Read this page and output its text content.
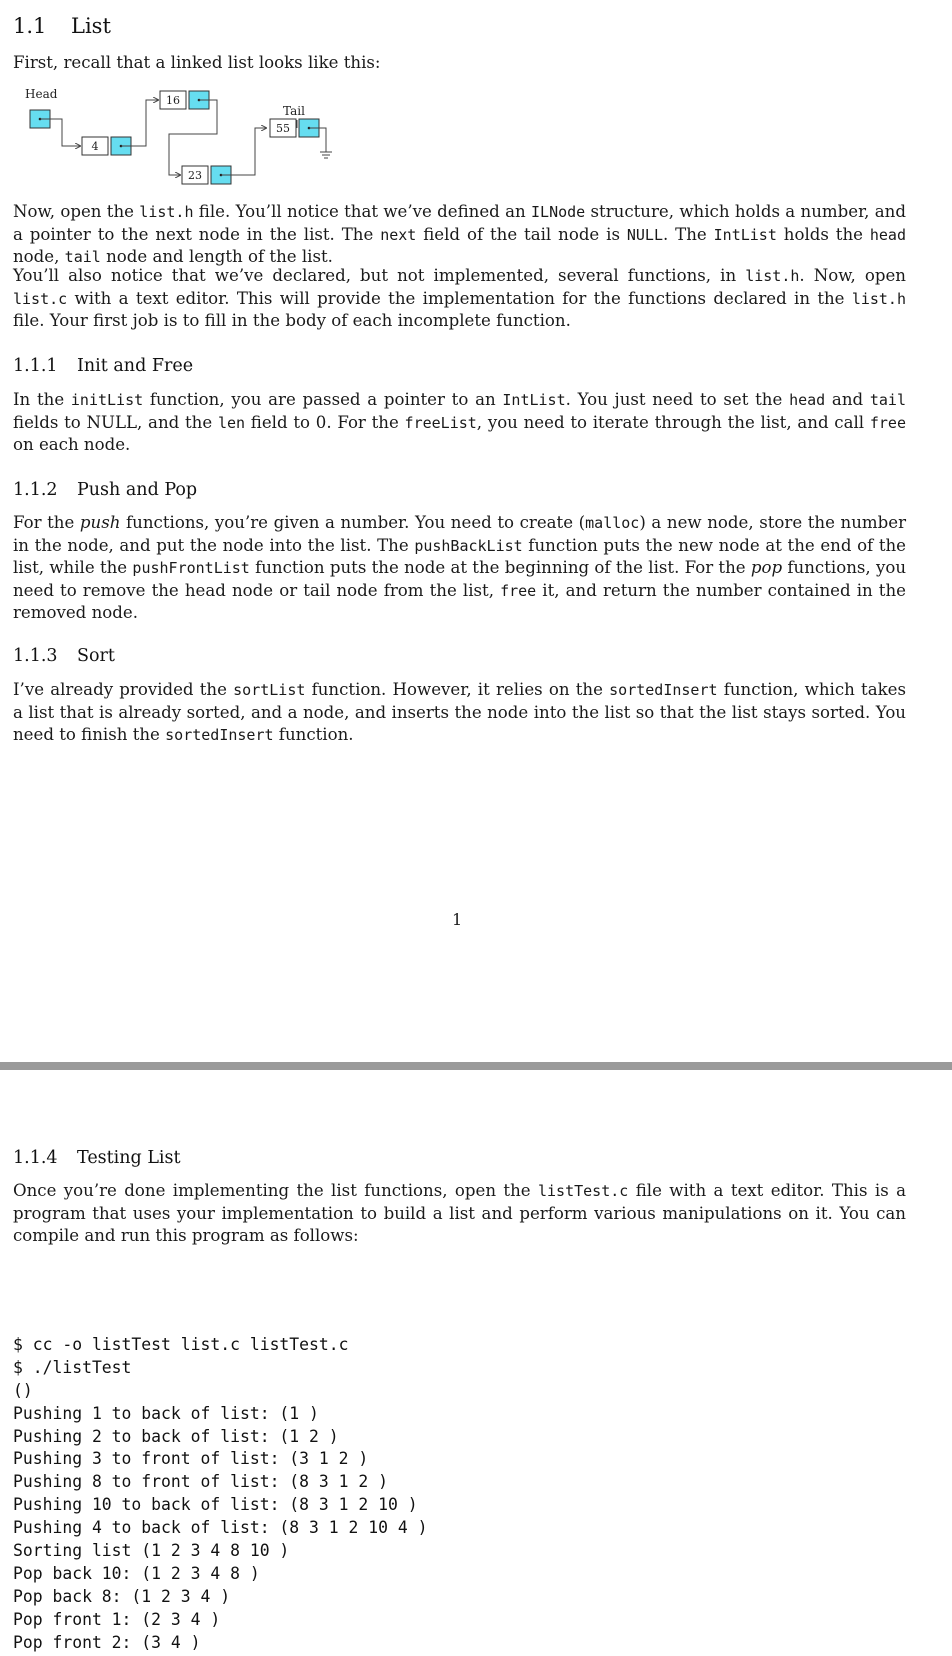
1.1 List

First, recall that a linked list looks like this:

Head
Tail
4
16
23
55

Now, open the list.h file. You’ll notice that we’ve defined an ILNode structure, which holds a number, and a pointer to the next node in the list. The next field of the tail node is NULL. The IntList holds the head node, tail node and length of the list.

You’ll also notice that we’ve declared, but not implemented, several functions, in list.h. Now, open list.c with a text editor. This will provide the implementation for the functions declared in the list.h file. Your first job is to fill in the body of each incomplete function.

1.1.1 Init and Free

In the initList function, you are passed a pointer to an IntList. You just need to set the head and tail fields to NULL, and the len field to 0. For the freeList, you need to iterate through the list, and call free on each node.

1.1.2 Push and Pop

For the push functions, you’re given a number. You need to create (malloc) a new node, store the number in the node, and put the node into the list. The pushBackList function puts the new node at the end of the list, while the pushFrontList function puts the node at the beginning of the list. For the pop functions, you need to remove the head node or tail node from the list, free it, and return the number contained in the removed node.

1.1.3 Sort

I’ve already provided the sortList function. However, it relies on the sortedInsert function, which takes a list that is already sorted, and a node, and inserts the node into the list so that the list stays sorted. You need to finish the sortedInsert function.

1
1.1.4 Testing List

Once you’re done implementing the list functions, open the listTest.c file with a text editor. This is a program that uses your implementation to build a list and perform various manipulations on it. You can compile and run this program as follows:

$ cc -o listTest list.c listTest.c
$ ./listTest
()
Pushing 1 to back of list: (1 )
Pushing 2 to back of list: (1 2 )
Pushing 3 to front of list: (3 1 2 )
Pushing 8 to front of list: (8 3 1 2 )
Pushing 10 to back of list: (8 3 1 2 10 )
Pushing 4 to back of list: (8 3 1 2 10 4 )
Sorting list (1 2 3 4 8 10 )
Pop back 10: (1 2 3 4 8 )
Pop back 8: (1 2 3 4 )
Pop front 1: (2 3 4 )
Pop front 2: (3 4 )
